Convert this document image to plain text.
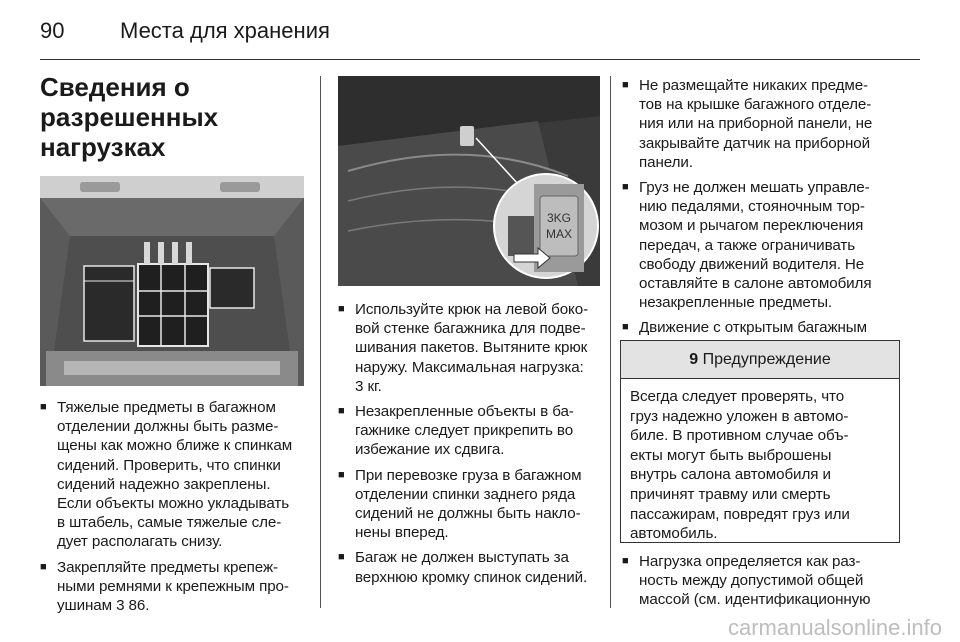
90	Места для хранения
Сведения о
разрешенных
нагрузках
■ Тяжелые предметы в багажном
отделении должны быть разме-
щены как можно ближе к спинкам
сидений. Проверить, что спинки
сидений надежно закреплены.
Если объекты можно укладывать
в штабель, самые тяжелые сле-
дует располагать снизу.
■ Закрепляйте предметы крепеж-
ными ремнями к крепежным про-
ушинам 3 86.
3KG
MAX
■ Используйте крюк на левой боко-
вой стенке багажника для подве-
шивания пакетов. Вытяните крюк
наружу. Максимальная нагрузка:
3 кг.
■ Незакрепленные объекты в ба-
гажнике следует прикрепить во
избежание их сдвига.
■ При перевозке груза в багажном
отделении спинки заднего ряда
сидений не должны быть накло-
нены вперед.
■ Багаж не должен выступать за
верхнюю кромку спинок сидений.
■ Не размещайте никаких предме-
тов на крышке багажного отделе-
ния или на приборной панели, не
закрывайте датчик на приборной
панели.
■ Груз не должен мешать управле-
нию педалями, стояночным тор-
мозом и рычагом переключения
передач, а также ограничивать
свободу движений водителя. Не
оставляйте в салоне автомобиля
незакрепленные предметы.
■ Движение с открытым багажным

9 Предупреждение
Всегда следует проверять, что
груз надежно уложен в автомо-
биле. В противном случае объ-
екты могут быть выброшены
внутрь салона автомобиля и
причинят травму или смерть
пассажирам, повредят груз или
автомобиль.
■ Нагрузка определяется как раз-
ность между допустимой общей
массой (см. идентификационную
carmanualsonline.info
